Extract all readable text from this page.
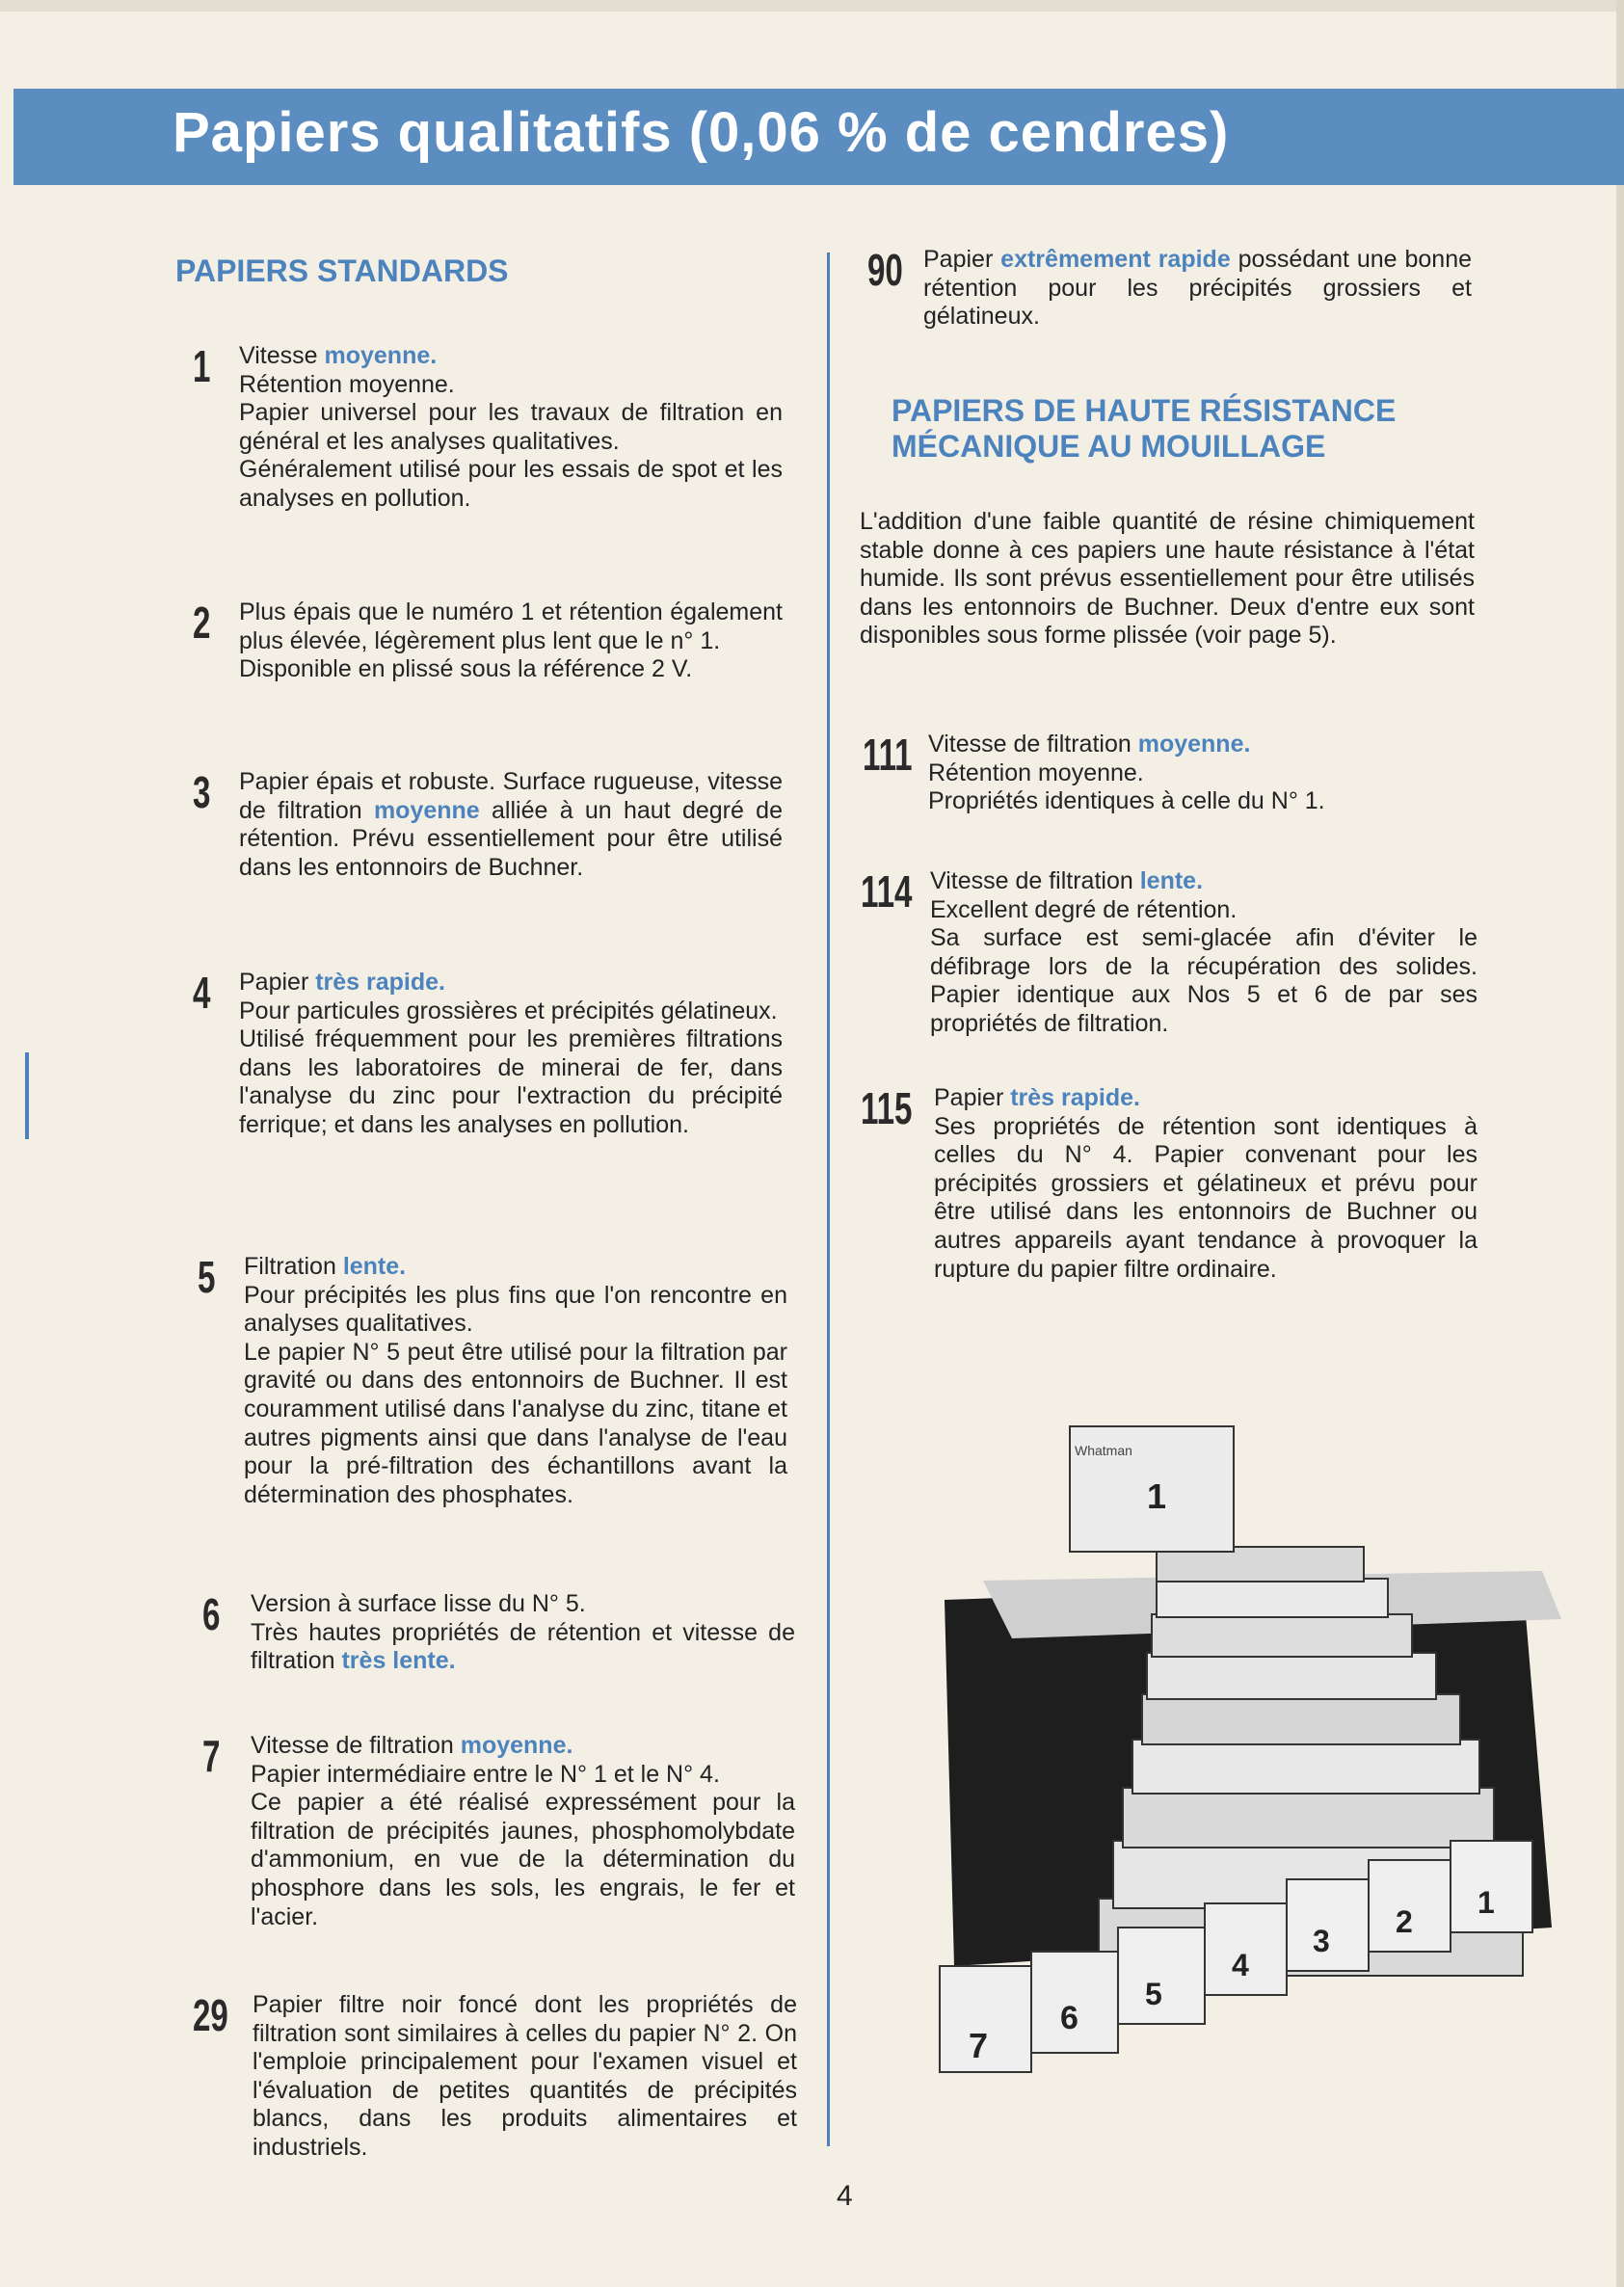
Papiers qualitatifs (0,06 % de cendres)
PAPIERS STANDARDS
1 Vitesse moyenne.

Rétention moyenne.

Papier universel pour les travaux de filtration en général et les analyses qualitatives.

Généralement utilisé pour les essais de spot et les analyses en pollution.

2 Plus épais que le numéro 1 et rétention également plus élevée, légèrement plus lent que le n° 1.

Disponible en plissé sous la référence 2 V.

3 Papier épais et robuste. Surface rugueuse, vitesse de filtration moyenne alliée à un haut degré de rétention. Prévu essentiellement pour être utilisé dans les entonnoirs de Buchner.

4 Papier très rapide.

Pour particules grossières et précipités gélatineux.

Utilisé fréquemment pour les premières filtrations dans les laboratoires de minerai de fer, dans l'analyse du zinc pour l'extraction du précipité ferrique; et dans les analyses en pollution.

5 Filtration lente.

Pour précipités les plus fins que l'on rencontre en analyses qualitatives.

Le papier N° 5 peut être utilisé pour la filtration par gravité ou dans des entonnoirs de Buchner. Il est couramment utilisé dans l'analyse du zinc, titane et autres pigments ainsi que dans l'analyse de l'eau pour la pré-filtration des échantillons avant la détermination des phosphates.

6 Version à surface lisse du N° 5.

Très hautes propriétés de rétention et vitesse de filtration très lente.

7 Vitesse de filtration moyenne.

Papier intermédiaire entre le N° 1 et le N° 4.

Ce papier a été réalisé expressément pour la filtration de précipités jaunes, phosphomolybdate d'ammonium, en vue de la détermination du phosphore dans les sols, les engrais, le fer et l'acier.

29 Papier filtre noir foncé dont les propriétés de filtration sont similaires à celles du papier N° 2. On l'emploie principalement pour l'examen visuel et l'évaluation de petites quantités de précipités blancs, dans les produits alimentaires et industriels.

90 Papier extrêmement rapide possédant une bonne rétention pour les précipités grossiers et gélatineux.

PAPIERS DE HAUTE RÉSISTANCE MÉCANIQUE AU MOUILLAGE
L'addition d'une faible quantité de résine chimiquement stable donne à ces papiers une haute résistance à l'état humide. Ils sont prévus essentiellement pour être utilisés dans les entonnoirs de Buchner. Deux d'entre eux sont disponibles sous forme plissée (voir page 5).
111 Vitesse de filtration moyenne.

Rétention moyenne.

Propriétés identiques à celle du N° 1.

114 Vitesse de filtration lente.

Excellent degré de rétention.

Sa surface est semi-glacée afin d'éviter le défibrage lors de la récupération des solides. Papier identique aux Nos 5 et 6 de par ses propriétés de filtration.

115 Papier très rapide.

Ses propriétés de rétention sont identiques à celles du N° 4. Papier convenant pour les précipités grossiers et gélatineux et prévu pour être utilisé dans les entonnoirs de Buchner ou autres appareils ayant tendance à provoquer la rupture du papier filtre ordinaire.

1
7
6
5
4
3
2
1
Whatman
4
